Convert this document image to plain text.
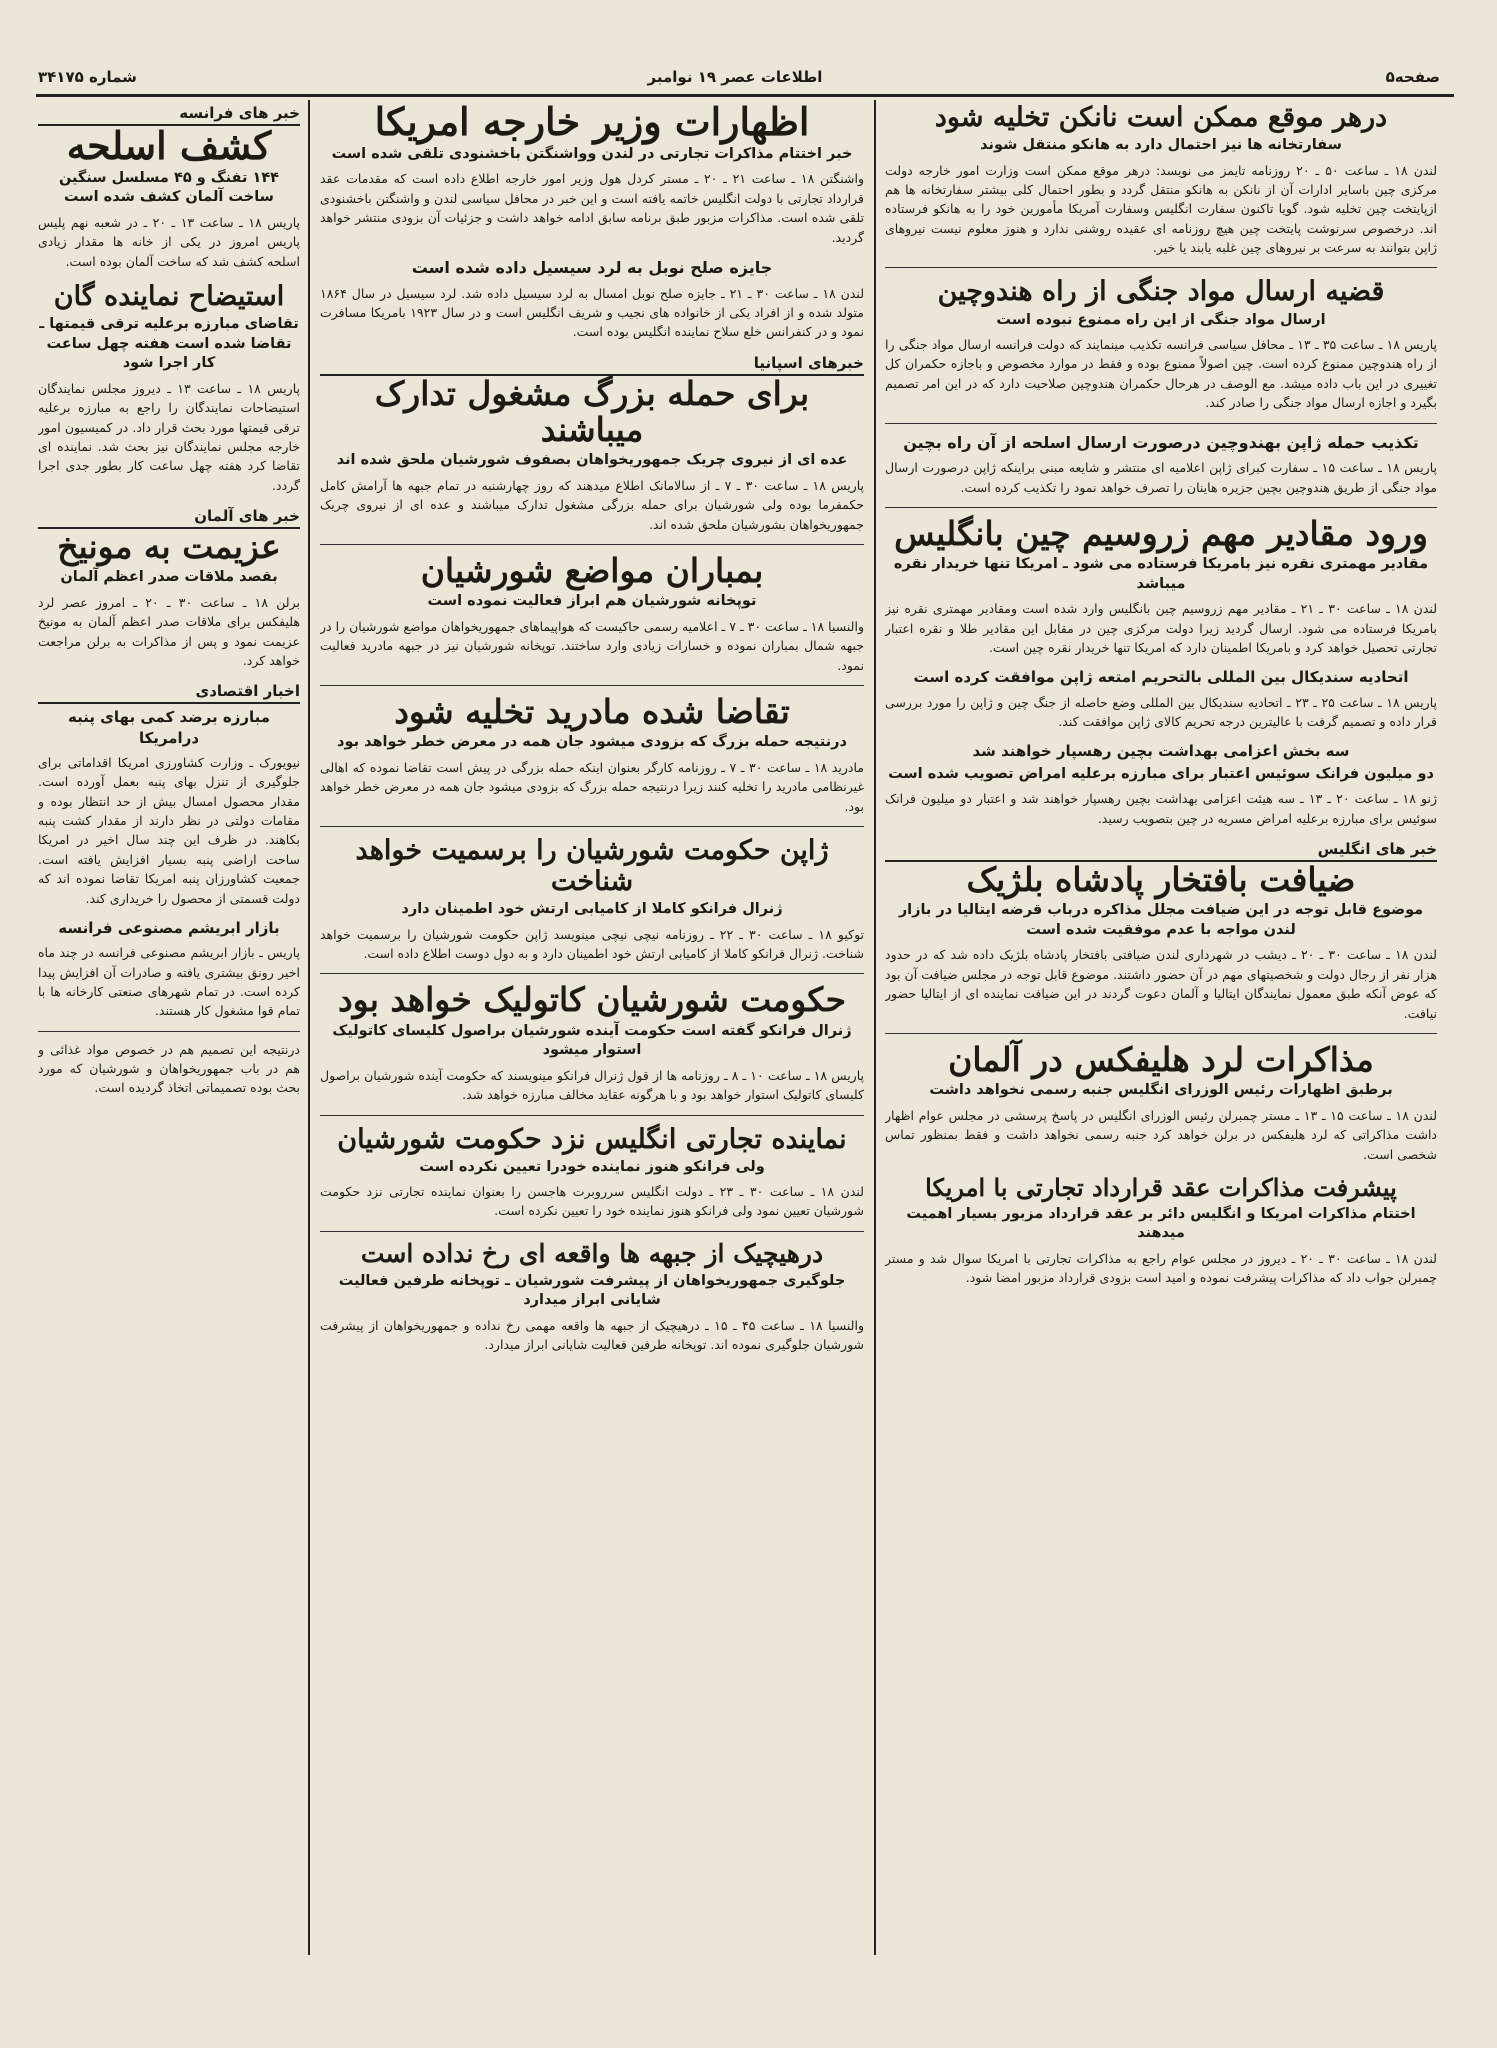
صفحه۵
اطلاعات عصر ۱۹ نوامبر
شماره ۳۴۱۷۵
درهر موقع ممکن است نانکن تخلیه شود
سفارتخانه ها نیز احتمال دارد به هانکو منتقل شوند
لندن ۱۸ ـ ساعت ۵۰ ـ ۲۰ روزنامه تایمز می نویسد: درهر موقع ممکن است وزارت امور خارجه دولت مرکزی چین باسایر ادارات آن از نانکن به هانکو منتقل گردد و بطور احتمال کلی بیشتر سفارتخانه ها هم ازپایتخت چین تخلیه شود. گویا تاکنون سفارت انگلیس وسفارت آمریکا مأمورین خود را به هانکو فرستاده اند. درخصوص سرنوشت پایتخت چین هیچ روزنامه ای عقیده روشنی ندارد و هنوز معلوم نیست نیروهای ژاپن بتوانند به سرعت بر نیروهای چین غلبه یابند یا خیر.
قضیه ارسال مواد جنگی از راه هندوچین
ارسال مواد جنگی از این راه ممنوع نبوده است
پاریس ۱۸ ـ ساعت ۳۵ ـ ۱۳ ـ محافل سیاسی فرانسه تکذیب مینمایند که دولت فرانسه ارسال مواد جنگی را از راه هندوچین ممنوع کرده است. چین اصولاً ممنوع بوده و فقط در موارد مخصوص و باجازه حکمران کل تغییری در این باب داده میشد. مع الوصف در هرحال حکمران هندوچین صلاحیت دارد که در این امر تصمیم بگیرد و اجازه ارسال مواد جنگی را صادر کند.
تکذیب حمله ژاپن بهندوچین درصورت ارسال اسلحه از آن راه بچین
پاریس ۱۸ ـ ساعت ۱۵ ـ سفارت کبرای ژاپن اعلامیه ای منتشر و شایعه مبنی براینکه ژاپن درصورت ارسال مواد جنگی از طریق هندوچین بچین جزیره هاینان را تصرف خواهد نمود را تکذیب کرده است.
ورود مقادیر مهم زروسیم چین بانگلیس
مقادیر مهمتری نقره نیز بامریکا فرستاده می شود ـ امریکا تنها خریدار نقره میباشد
لندن ۱۸ ـ ساعت ۳۰ ـ ۲۱ ـ مقادیر مهم زروسیم چین بانگلیس وارد شده است ومقادیر مهمتری نقره نیز بامریکا فرستاده می شود. ارسال گردید زیرا دولت مرکزی چین در مقابل این مقادیر طلا و نقره اعتبار تجارتی تحصیل خواهد کرد و بامریکا اطمینان دارد که امریکا تنها خریدار نقره چین است.
اتحادیه سندیکال بین المللی بالتحریم امتعه ژاپن موافقت کرده است
پاریس ۱۸ ـ ساعت ۲۵ ـ ۲۳ ـ اتحادیه سندیکال بین المللی وضع حاصله از جنگ چین و ژاپن را مورد بررسی قرار داده و تصمیم گرفت با عالیترین درجه تحریم کالای ژاپن موافقت کند.
سه بخش اعزامی بهداشت بچین رهسپار خواهند شد
دو میلیون فرانک سوئیس اعتبار برای مبارزه برعلیه امراض تصویب شده است
ژنو ۱۸ ـ ساعت ۲۰ ـ ۱۳ ـ سه هیئت اعزامی بهداشت بچین رهسپار خواهند شد و اعتبار دو میلیون فرانک سوئیس برای مبارزه برعلیه امراض مسریه در چین بتصویب رسید.
خبر های انگلیس
ضیافت بافتخار پادشاه بلژیک
موضوع قابل توجه در این ضیافت مجلل مذاکره درباب قرضه ایتالیا در بازار لندن مواجه با عدم موفقیت شده است
لندن ۱۸ ـ ساعت ۳۰ ـ ۲۰ ـ دیشب در شهرداری لندن ضیافتی بافتخار پادشاه بلژیک داده شد که در حدود هزار نفر از رجال دولت و شخصیتهای مهم در آن حضور داشتند. موضوع قابل توجه در مجلس ضیافت آن بود که عوض آنکه طبق معمول نمایندگان ایتالیا و آلمان دعوت گردند در این ضیافت نماینده ای از ایتالیا حضور نیافت.
مذاکرات لرد هلیفکس در آلمان
برطبق اظهارات رئیس الوزرای انگلیس جنبه رسمی نخواهد داشت
لندن ۱۸ ـ ساعت ۱۵ ـ ۱۳ ـ مستر چمبرلن رئیس الوزرای انگلیس در پاسخ پرسشی در مجلس عوام اظهار داشت مذاکراتی که لرد هلیفکس در برلن خواهد کرد جنبه رسمی نخواهد داشت و فقط بمنظور تماس شخصی است.
پیشرفت مذاکرات عقد قرارداد تجارتی با امریکا
اختتام مذاکرات امریکا و انگلیس دائر بر عقد قرارداد مزبور بسیار اهمیت میدهند
لندن ۱۸ ـ ساعت ۳۰ ـ ۲۰ ـ دیروز در مجلس عوام راجع به مذاکرات تجارتی با امریکا سوال شد و مستر چمبرلن جواب داد که مذاکرات پیشرفت نموده و امید است بزودی قرارداد مزبور امضا شود.
اظهارات وزیر خارجه امریکا
خبر اختتام مذاکرات تجارتی در لندن وواشنگتن باخشنودی تلقی شده است
واشنگتن ۱۸ ـ ساعت ۲۱ ـ ۲۰ ـ مستر کردل هول وزیر امور خارجه اطلاع داده است که مقدمات عقد قرارداد تجارتی با دولت انگلیس خاتمه یافته است و این خبر در محافل سیاسی لندن و واشنگتن باخشنودی تلقی شده است. مذاکرات مزبور طبق برنامه سابق ادامه خواهد داشت و جزئیات آن بزودی منتشر خواهد گردید.
جایزه صلح نوبل به لرد سیسیل داده شده است
لندن ۱۸ ـ ساعت ۳۰ ـ ۲۱ ـ جایزه صلح نوبل امسال به لرد سیسیل داده شد. لرد سیسیل در سال ۱۸۶۴ متولد شده و از افراد یکی از خانواده های نجیب و شریف انگلیس است و در سال ۱۹۲۳ بامریکا مسافرت نمود و در کنفرانس خلع سلاح نماینده انگلیس بوده است.
خبرهای اسپانیا
برای حمله بزرگ مشغول تدارک میباشند
عده ای از نیروی چریک جمهوریخواهان بصفوف شورشیان ملحق شده اند
پاریس ۱۸ ـ ساعت ۳۰ ـ ۷ ـ از سالامانک اطلاع میدهند که روز چهارشنبه در تمام جبهه ها آرامش کامل حکمفرما بوده ولی شورشیان برای حمله بزرگی مشغول تدارک میباشند و عده ای از نیروی چریک جمهوریخواهان بشورشیان ملحق شده اند.
بمباران مواضع شورشیان
توپخانه شورشیان هم ابراز فعالیت نموده است
والنسیا ۱۸ ـ ساعت ۳۰ ـ ۷ ـ اعلامیه رسمی حاکیست که هواپیماهای جمهوریخواهان مواضع شورشیان را در جبهه شمال بمباران نموده و خسارات زیادی وارد ساختند. توپخانه شورشیان نیز در جبهه مادرید فعالیت نمود.
تقاضا شده مادرید تخلیه شود
درنتیجه حمله بزرگ که بزودی میشود جان همه در معرض خطر خواهد بود
مادرید ۱۸ ـ ساعت ۳۰ ـ ۷ ـ روزنامه کارگر بعنوان اینکه حمله بزرگی در پیش است تقاضا نموده که اهالی غیرنظامی مادرید را تخلیه کنند زیرا درنتیجه حمله بزرگ که بزودی میشود جان همه در معرض خطر خواهد بود.
ژاپن حکومت شورشیان را برسمیت خواهد شناخت
ژنرال فرانکو کاملا از کامیابی ارتش خود اطمینان دارد
توکیو ۱۸ ـ ساعت ۳۰ ـ ۲۲ ـ روزنامه نیچی نیچی مینویسد ژاپن حکومت شورشیان را برسمیت خواهد شناخت. ژنرال فرانکو کاملا از کامیابی ارتش خود اطمینان دارد و به دول دوست اطلاع داده است.
حکومت شورشیان کاتولیک خواهد بود
ژنرال فرانکو گفته است حکومت آینده شورشیان براصول کلیسای کاتولیک استوار میشود
پاریس ۱۸ ـ ساعت ۱۰ ـ ۸ ـ روزنامه ها از قول ژنرال فرانکو مینویسند که حکومت آینده شورشیان براصول کلیسای کاتولیک استوار خواهد بود و با هرگونه عقاید مخالف مبارزه خواهد شد.
نماینده تجارتی انگلیس نزد حکومت شورشیان
ولی فرانکو هنوز نماینده خودرا تعیین نکرده است
لندن ۱۸ ـ ساعت ۳۰ ـ ۲۳ ـ دولت انگلیس سرروبرت هاجسن را بعنوان نماینده تجارتی نزد حکومت شورشیان تعیین نمود ولی فرانکو هنوز نماینده خود را تعیین نکرده است.
درهیچیک از جبهه ها واقعه ای رخ نداده است
جلوگیری جمهوریخواهان از پیشرفت شورشیان ـ توپخانه طرفین فعالیت شایانی ابراز میدارد
والنسیا ۱۸ ـ ساعت ۴۵ ـ ۱۵ ـ درهیچیک از جبهه ها واقعه مهمی رخ نداده و جمهوریخواهان از پیشرفت شورشیان جلوگیری نموده اند. توپخانه طرفین فعالیت شایانی ابراز میدارد.
خبر های فرانسه
کشف اسلحه
۱۴۴ تفنگ و ۴۵ مسلسل سنگین ساخت آلمان کشف شده است
پاریس ۱۸ ـ ساعت ۱۳ ـ ۲۰ ـ در شعبه نهم پلیس پاریس امروز در یکی از خانه ها مقدار زیادی اسلحه کشف شد که ساخت آلمان بوده است.
استیضاح نماینده گان
تقاضای مبارزه برعلیه ترقی قیمتها ـ تقاضا شده است هفته چهل ساعت کار اجرا شود
پاریس ۱۸ ـ ساعت ۱۳ ـ دیروز مجلس نمایندگان استیضاحات نمایندگان را راجع به مبارزه برعلیه ترقی قیمتها مورد بحث قرار داد. در کمیسیون امور خارجه مجلس نمایندگان نیز بحث شد. نماینده ای تقاضا کرد هفته چهل ساعت کار بطور جدی اجرا گردد.
خبر های آلمان
عزیمت به مونیخ
بقصد ملاقات صدر اعظم آلمان
برلن ۱۸ ـ ساعت ۳۰ ـ ۲۰ ـ امروز عصر لرد هلیفکس برای ملاقات صدر اعظم آلمان به مونیخ عزیمت نمود و پس از مذاکرات به برلن مراجعت خواهد کرد.
اخبار اقتصادی
مبارزه برضد کمی بهای پنبه درامریکا
نیویورک ـ وزارت کشاورزی امریکا اقداماتی برای جلوگیری از تنزل بهای پنبه بعمل آورده است. مقدار محصول امسال بیش از حد انتظار بوده و مقامات دولتی در نظر دارند از مقدار کشت پنبه بکاهند. در ظرف این چند سال اخیر در امریکا ساحت اراضی پنبه بسیار افزایش یافته است. جمعیت کشاورزان پنبه امریکا تقاضا نموده اند که دولت قسمتی از محصول را خریداری کند.
بازار ابریشم مصنوعی فرانسه
پاریس ـ بازار ابریشم مصنوعی فرانسه در چند ماه اخیر رونق بیشتری یافته و صادرات آن افزایش پیدا کرده است. در تمام شهرهای صنعتی کارخانه ها با تمام قوا مشغول کار هستند.
درنتیجه این تصمیم هم در خصوص مواد غذائی و هم در باب جمهوریخواهان و شورشیان که مورد بحث بوده تصمیماتی اتخاذ گردیده است.
